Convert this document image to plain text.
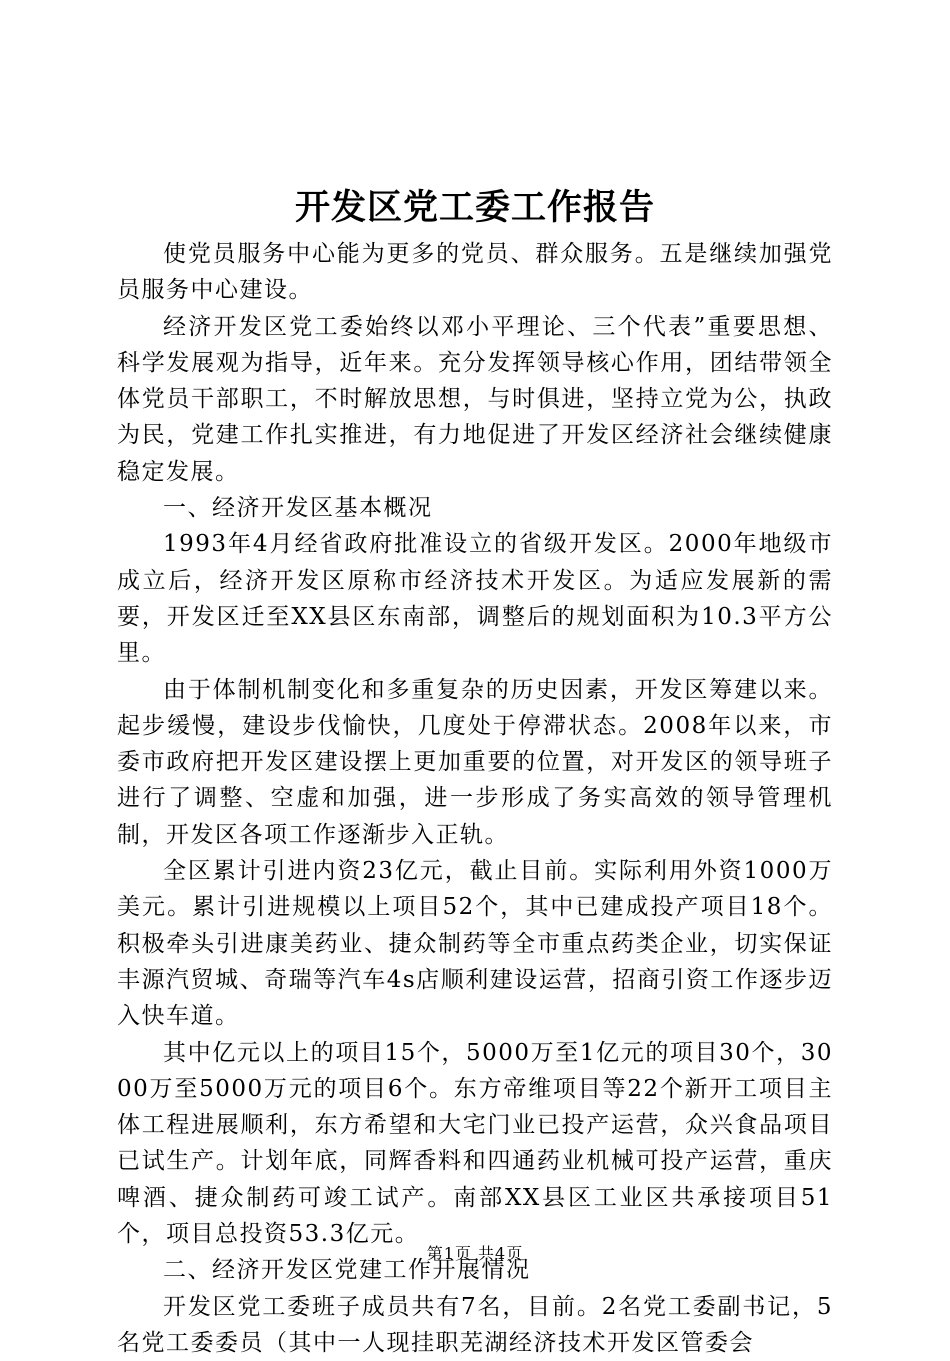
开发区党工委工作报告

使党员服务中心能为更多的党员、群众服务。五是继续加强党员服务中心建设。

经济开发区党工委始终以邓小平理论、三个代表”重要思想、科学发展观为指导，近年来。充分发挥领导核心作用，团结带领全体党员干部职工，不时解放思想，与时俱进，坚持立党为公，执政为民，党建工作扎实推进，有力地促进了开发区经济社会继续健康稳定发展。

一、经济开发区基本概况

1993年4月经省政府批准设立的省级开发区。2000年地级市成立后，经济开发区原称市经济技术开发区。为适应发展新的需要，开发区迁至XX县区东南部，调整后的规划面积为10.3平方公里。

由于体制机制变化和多重复杂的历史因素，开发区筹建以来。起步缓慢，建设步伐愉快，几度处于停滞状态。2008年以来，市委市政府把开发区建设摆上更加重要的位置，对开发区的领导班子进行了调整、空虚和加强，进一步形成了务实高效的领导管理机制，开发区各项工作逐渐步入正轨。

全区累计引进内资23亿元，截止目前。实际利用外资1000万美元。累计引进规模以上项目52个，其中已建成投产项目18个。积极牵头引进康美药业、捷众制药等全市重点药类企业，切实保证丰源汽贸城、奇瑞等汽车4s店顺利建设运营，招商引资工作逐步迈入快车道。

其中亿元以上的项目15个，5000万至1亿元的项目30个，3000万至5000万元的项目6个。东方帝维项目等22个新开工项目主体工程进展顺利，东方希望和大宅门业已投产运营，众兴食品项目已试生产。计划年底，同辉香料和四通药业机械可投产运营，重庆啤酒、捷众制药可竣工试产。南部XX县区工业区共承接项目51个，项目总投资53.3亿元。

二、经济开发区党建工作开展情况

开发区党工委班子成员共有7名，目前。2名党工委副书记，5名党工委委员（其中一人现挂职芜湖经济技术开发区管委会

第1页 共4页
